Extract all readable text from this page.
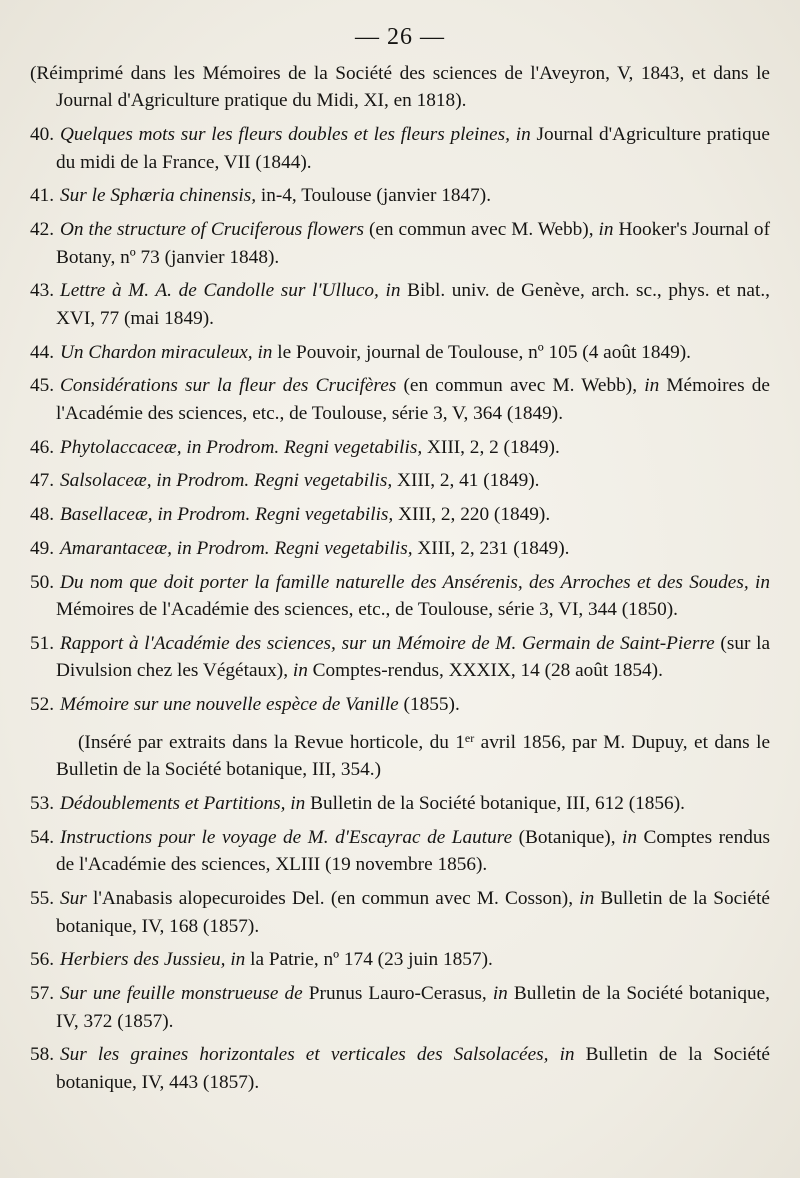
— 26 —

(Réimprimé dans les Mémoires de la Société des sciences de l'Aveyron, V, 1843, et dans le Journal d'Agriculture pratique du Midi, XI, en 1818).

40. Quelques mots sur les fleurs doubles et les fleurs pleines, in Journal d'Agriculture pratique du midi de la France, VII (1844).

41. Sur le Sphæria chinensis, in-4, Toulouse (janvier 1847).

42. On the structure of Cruciferous flowers (en commun avec M. Webb), in Hooker's Journal of Botany, nº 73 (janvier 1848).

43. Lettre à M. A. de Candolle sur l'Ulluco, in Bibl. univ. de Genève, arch. sc., phys. et nat., XVI, 77 (mai 1849).

44. Un Chardon miraculeux, in le Pouvoir, journal de Toulouse, nº 105 (4 août 1849).

45. Considérations sur la fleur des Crucifères (en commun avec M. Webb), in Mémoires de l'Académie des sciences, etc., de Toulouse, série 3, V, 364 (1849).

46. Phytolaccaceæ, in Prodrom. Regni vegetabilis, XIII, 2, 2 (1849).

47. Salsolaceæ, in Prodrom. Regni vegetabilis, XIII, 2, 41 (1849).

48. Basellaceæ, in Prodrom. Regni vegetabilis, XIII, 2, 220 (1849).

49. Amarantaceæ, in Prodrom. Regni vegetabilis, XIII, 2, 231 (1849).

50. Du nom que doit porter la famille naturelle des Ansérenis, des Arroches et des Soudes, in Mémoires de l'Académie des sciences, etc., de Toulouse, série 3, VI, 344 (1850).

51. Rapport à l'Académie des sciences, sur un Mémoire de M. Germain de Saint-Pierre (sur la Divulsion chez les Végétaux), in Comptes-rendus, XXXIX, 14 (28 août 1854).

52. Mémoire sur une nouvelle espèce de Vanille (1855).

(Inséré par extraits dans la Revue horticole, du 1er avril 1856, par M. Dupuy, et dans le Bulletin de la Société botanique, III, 354.)

53. Dédoublements et Partitions, in Bulletin de la Société botanique, III, 612 (1856).

54. Instructions pour le voyage de M. d'Escayrac de Lauture (Botanique), in Comptes rendus de l'Académie des sciences, XLIII (19 novembre 1856).

55. Sur l'Anabasis alopecuroides Del. (en commun avec M. Cosson), in Bulletin de la Société botanique, IV, 168 (1857).

56. Herbiers des Jussieu, in la Patrie, nº 174 (23 juin 1857).

57. Sur une feuille monstrueuse de Prunus Lauro-Cerasus, in Bulletin de la Société botanique, IV, 372 (1857).

58. Sur les graines horizontales et verticales des Salsolacées, in Bulletin de la Société botanique, IV, 443 (1857).
